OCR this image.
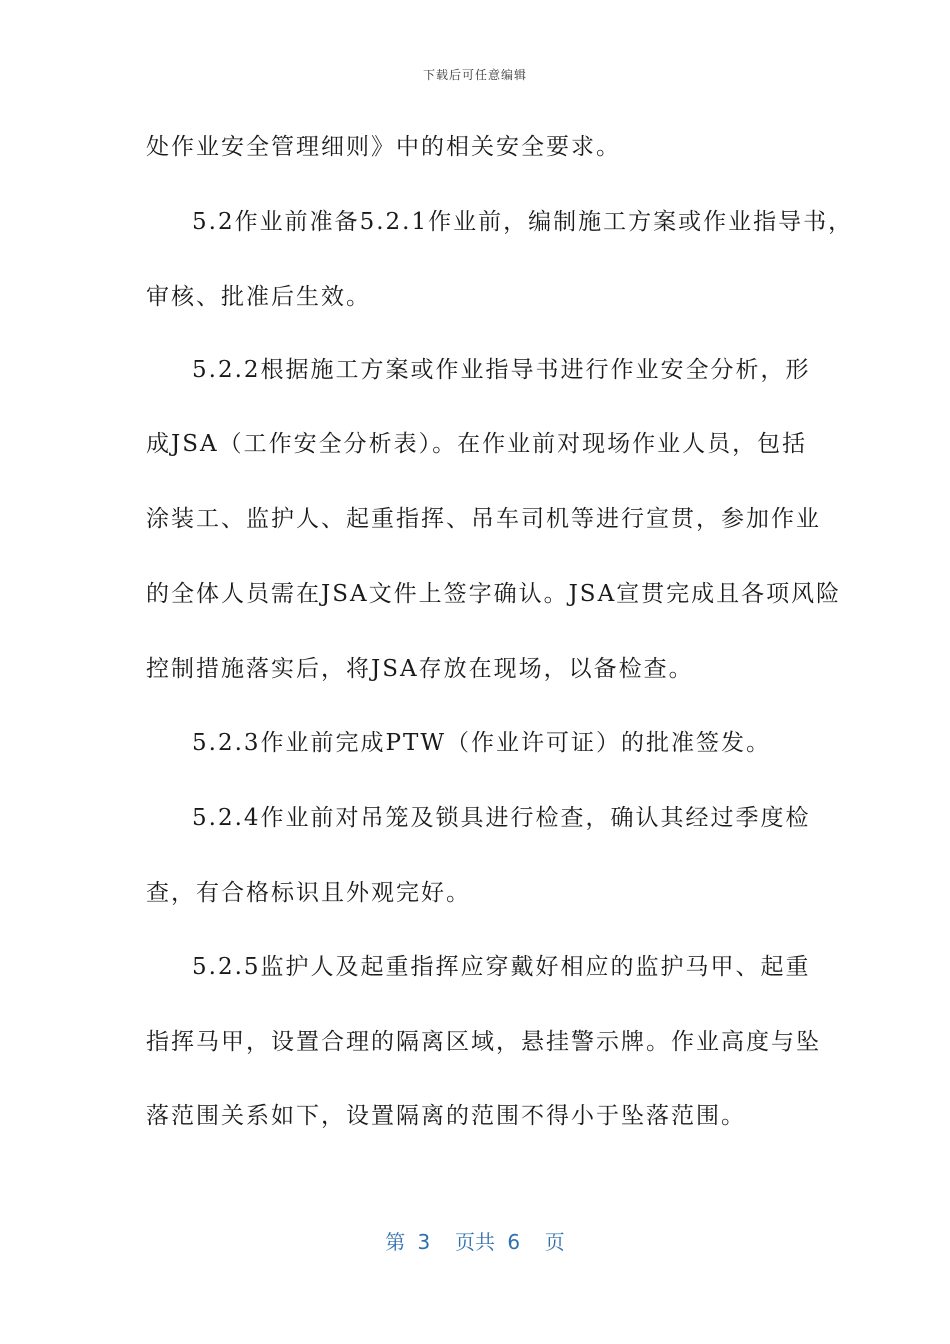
下载后可任意编辑
处作业安全管理细则》中的相关安全要求。
5.2作业前准备5.2.1作业前，编制施工方案或作业指导书，
审核、批准后生效。
5.2.2根据施工方案或作业指导书进行作业安全分析，形
成JSA（工作安全分析表）。在作业前对现场作业人员，包括
涂装工、监护人、起重指挥、吊车司机等进行宣贯，参加作业
的全体人员需在JSA文件上签字确认。JSA宣贯完成且各项风险
控制措施落实后，将JSA存放在现场，以备检查。
5.2.3作业前完成PTW（作业许可证）的批准签发。
5.2.4作业前对吊笼及锁具进行检查，确认其经过季度检
查，有合格标识且外观完好。
5.2.5监护人及起重指挥应穿戴好相应的监护马甲、起重
指挥马甲，设置合理的隔离区域，悬挂警示牌。作业高度与坠
落范围关系如下，设置隔离的范围不得小于坠落范围。
第 3  页共 6  页
